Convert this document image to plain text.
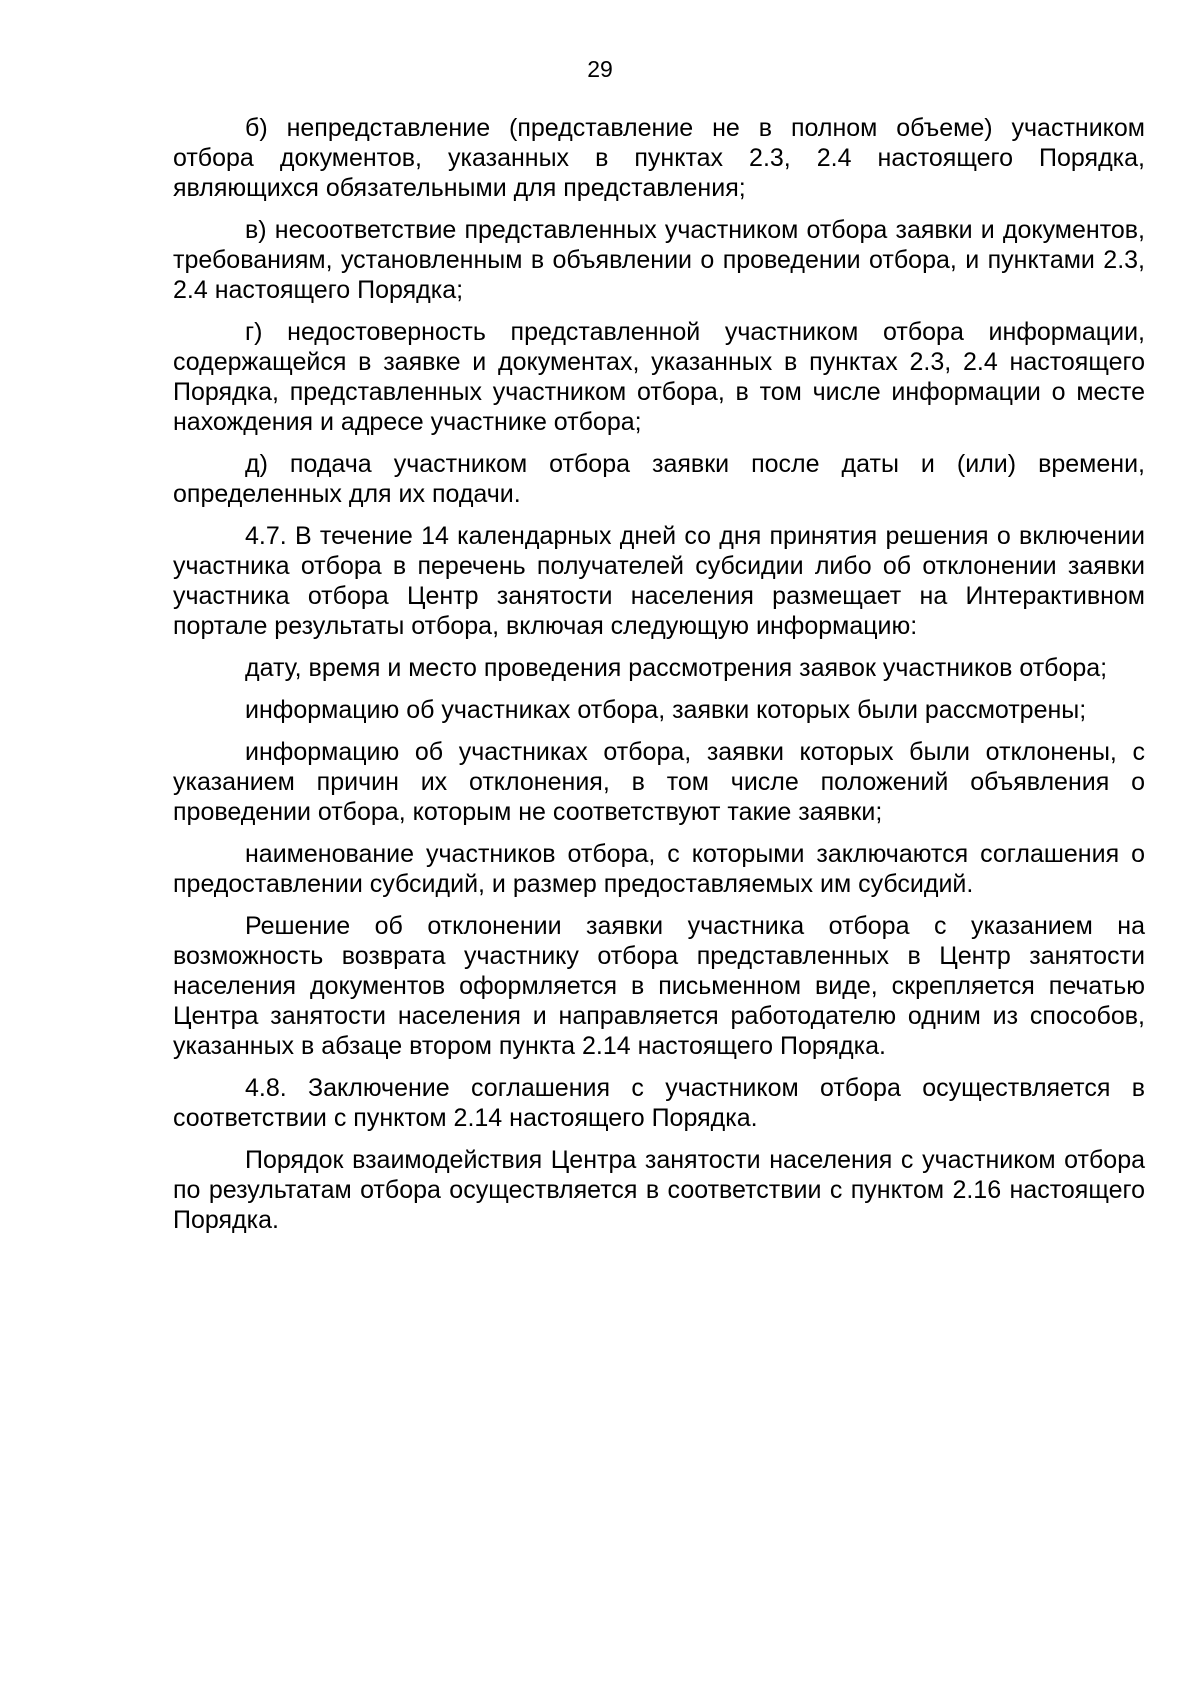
29

б) непредставление (представление не в полном объеме) участником отбора документов, указанных в пунктах 2.3, 2.4 настоящего Порядка, являющихся обязательными для представления;

в) несоответствие представленных участником отбора заявки и документов, требованиям, установленным в объявлении о проведении отбора, и пунктами 2.3, 2.4 настоящего Порядка;

г) недостоверность представленной участником отбора информации, содержащейся в заявке и документах, указанных в пунктах 2.3, 2.4 настоящего Порядка, представленных участником отбора, в том числе информации о месте нахождения и адресе участнике отбора;

д) подача участником отбора заявки после даты и (или) времени, определенных для их подачи.

4.7. В течение 14 календарных дней со дня принятия решения о включении участника отбора в перечень получателей субсидии либо об отклонении заявки участника отбора Центр занятости населения размещает на Интерактивном портале результаты отбора, включая следующую информацию:

дату, время и место проведения рассмотрения заявок участников отбора;

информацию об участниках отбора, заявки которых были рассмотрены;

информацию об участниках отбора, заявки которых были отклонены, с указанием причин их отклонения, в том числе положений объявления о проведении отбора, которым не соответствуют такие заявки;

наименование участников отбора, с которыми заключаются соглашения о предоставлении субсидий, и размер предоставляемых им субсидий.

Решение об отклонении заявки участника отбора с указанием на возможность возврата участнику отбора представленных в Центр занятости населения документов оформляется в письменном виде, скрепляется печатью Центра занятости населения и направляется работодателю одним из способов, указанных в абзаце втором пункта 2.14 настоящего Порядка.

4.8. Заключение соглашения с участником отбора осуществляется в соответствии с пунктом 2.14 настоящего Порядка.

Порядок взаимодействия Центра занятости населения с участником отбора по результатам отбора осуществляется в соответствии с пунктом 2.16 настоящего Порядка.
